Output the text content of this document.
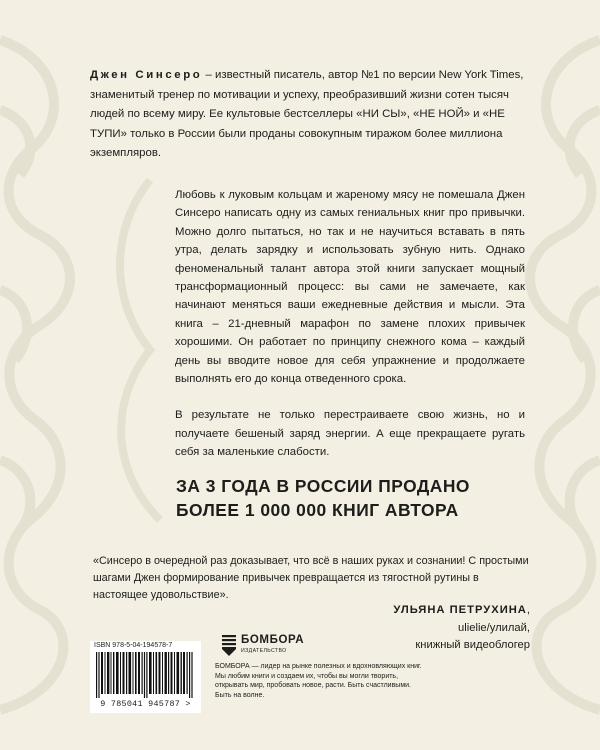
Джен Синсеро – известный писатель, автор №1 по версии New York Times, знаменитый тренер по мотивации и успеху, преобразивший жизни сотен тысяч людей по всему миру. Ее культовые бестселлеры «НИ СЫ», «НЕ НОЙ» и «НЕ ТУПИ» только в России были проданы совокупным тиражом более миллиона экземпляров.

Любовь к луковым кольцам и жареному мясу не помешала Джен Синсеро написать одну из самых гениальных книг про привычки. Можно долго пытаться, но так и не научиться вставать в пять утра, делать зарядку и использовать зубную нить. Однако феноменальный талант автора этой книги запускает мощный трансформационный процесс: вы сами не замечаете, как начинают меняться ваши ежедневные действия и мысли. Эта книга – 21-дневный марафон по замене плохих привычек хорошими. Он работает по принципу снежного кома – каждый день вы вводите новое для себя упражнение и продолжаете выполнять его до конца отведенного срока.

В результате не только перестраиваете свою жизнь, но и получаете бешеный заряд энергии. А еще прекращаете ругать себя за маленькие слабости.

ЗА 3 ГОДА В РОССИИ ПРОДАНО
БОЛЕЕ 1 000 000 КНИГ АВТОРА
«Синсеро в очередной раз доказывает, что всё в наших руках и сознании! С простыми шагами Джен формирование привычек превращается из тягостной рутины в настоящее удовольствие».
УЛЬЯНА ПЕТРУХИНА,
ulielie/улилай,
книжный видеоблогер
ISBN 978-5-04-194578-7
9 785041 945787 >
БОМБОРА
ИЗДАТЕЛЬСТВО
БОМБОРА — лидер на рынке полезных и вдохновляющих книг. Мы любим книги и создаем их, чтобы вы могли творить, открывать мир, пробовать новое, расти. Быть счастливыми. Быть на волне.
